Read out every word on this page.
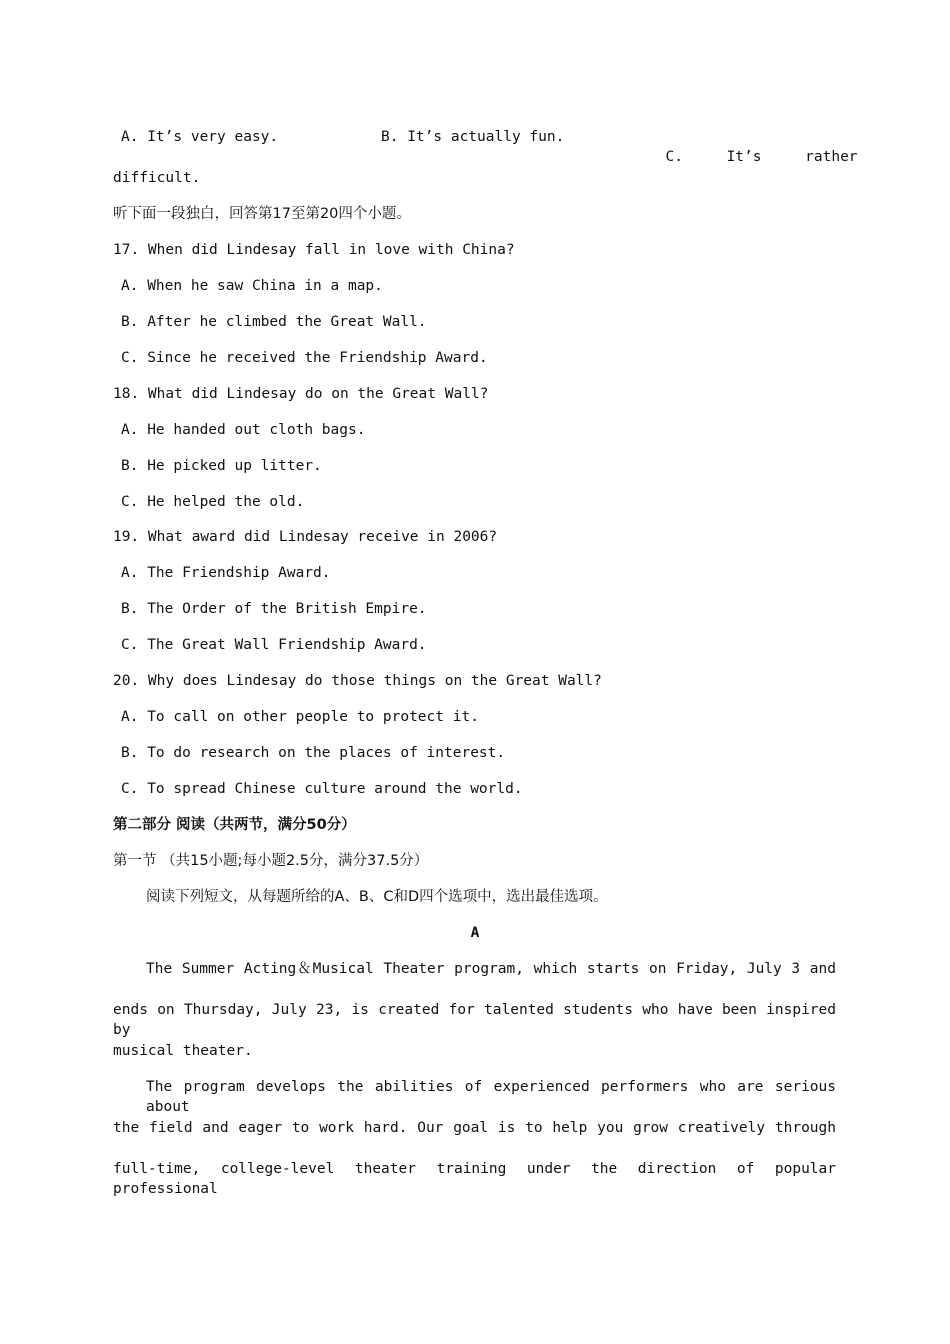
A. It’s very easy.	B. It’s actually fun.

C.     It’s     rather

difficult.
听下面一段独白，回答第17至第20四个小题。
17. When did Lindesay fall in love with China?
A. When he saw China in a map.
B. After he climbed the Great Wall.
C. Since he received the Friendship Award.
18. What did Lindesay do on the Great Wall?
A. He handed out cloth bags.
B. He picked up litter.
C. He helped the old.
19. What award did Lindesay receive in 2006?
A. The Friendship Award.
B. The Order of the British Empire.
C. The Great Wall Friendship Award.
20. Why does Lindesay do those things on the Great Wall?
A. To call on other people to protect it.
B. To do research on the places of interest.
C. To spread Chinese culture around the world.
第二部分 阅读（共两节，满分50分）
第一节 （共15小题;每小题2.5分，满分37.5分）
阅读下列短文，从每题所给的A、B、C和D四个选项中，选出最佳选项。
A
The Summer Acting＆Musical Theater program, which starts on Friday, July 3 and
ends on Thursday, July 23, is created for talented students who have been inspired by
musical theater.
The program develops the abilities of experienced performers who are serious about
the field and eager to work hard. Our goal is to help you grow creatively through
full-time, college-level theater training under the direction of popular professional
